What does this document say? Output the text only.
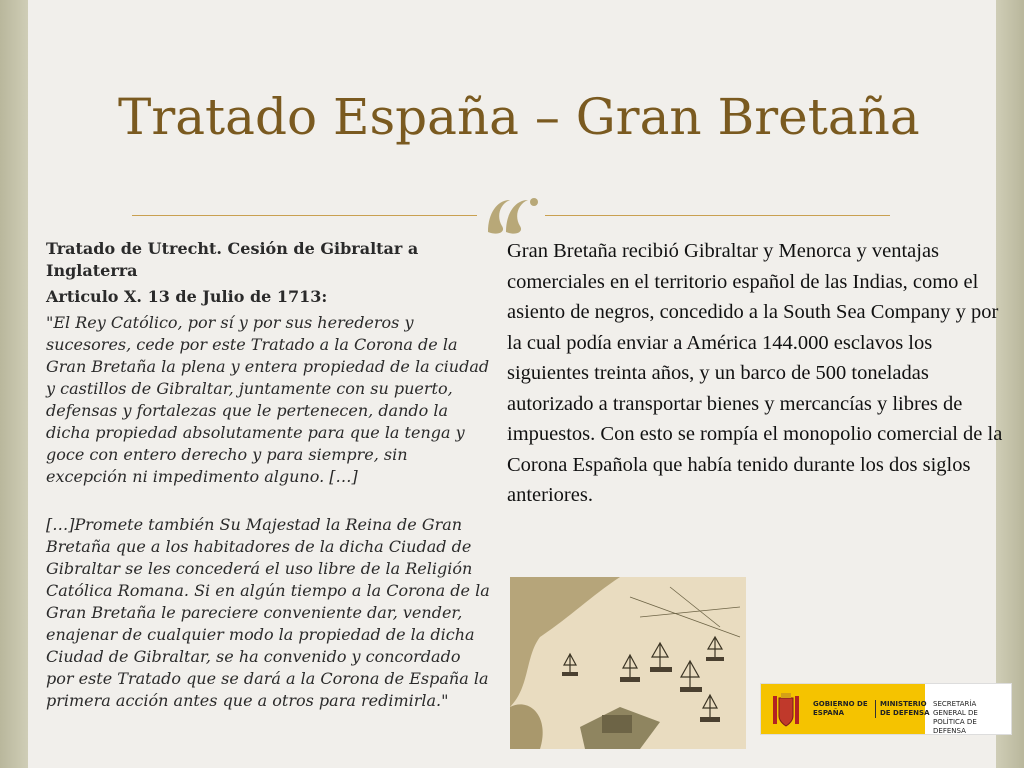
Tratado España – Gran Bretaña

Tratado de Utrecht. Cesión de Gibraltar a Inglaterra

Articulo X. 13 de Julio de 1713:

"El Rey Católico, por sí y por sus herederos y sucesores, cede por este Tratado a la Corona de la Gran Bretaña la plena y entera propiedad de la ciudad y castillos de Gibraltar, juntamente con su puerto, defensas y fortalezas que le pertenecen, dando la dicha propiedad absolutamente para que la tenga y goce con entero derecho y para siempre, sin excepción ni impedimento alguno. […]

[…]Promete también Su Majestad la Reina de Gran Bretaña que a los habitadores de la dicha Ciudad de Gibraltar se les concederá el uso libre de la Religión Católica Romana. Si en algún tiempo a la Corona de la Gran Bretaña le pareciere conveniente dar, vender, enajenar de cualquier modo la propiedad de la dicha Ciudad de Gibraltar, se ha convenido y concordado por este Tratado que se dará a la Corona de España la primera acción antes que a otros para redimirla."

Gran Bretaña recibió Gibraltar y Menorca y ventajas comerciales en el territorio español de las Indias, como el asiento de negros, concedido a la South Sea Company y por la cual podía enviar a América 144.000 esclavos los siguientes treinta años, y un barco de 500 toneladas autorizado a transportar bienes y mercancías y libres de impuestos. Con esto se rompía el monopolio comercial de la Corona Española que había tenido durante los dos siglos anteriores.
GOBIERNO DE ESPAÑA
MINISTERIO DE DEFENSA
SECRETARÍA GENERAL DE POLÍTICA DE DEFENSA
